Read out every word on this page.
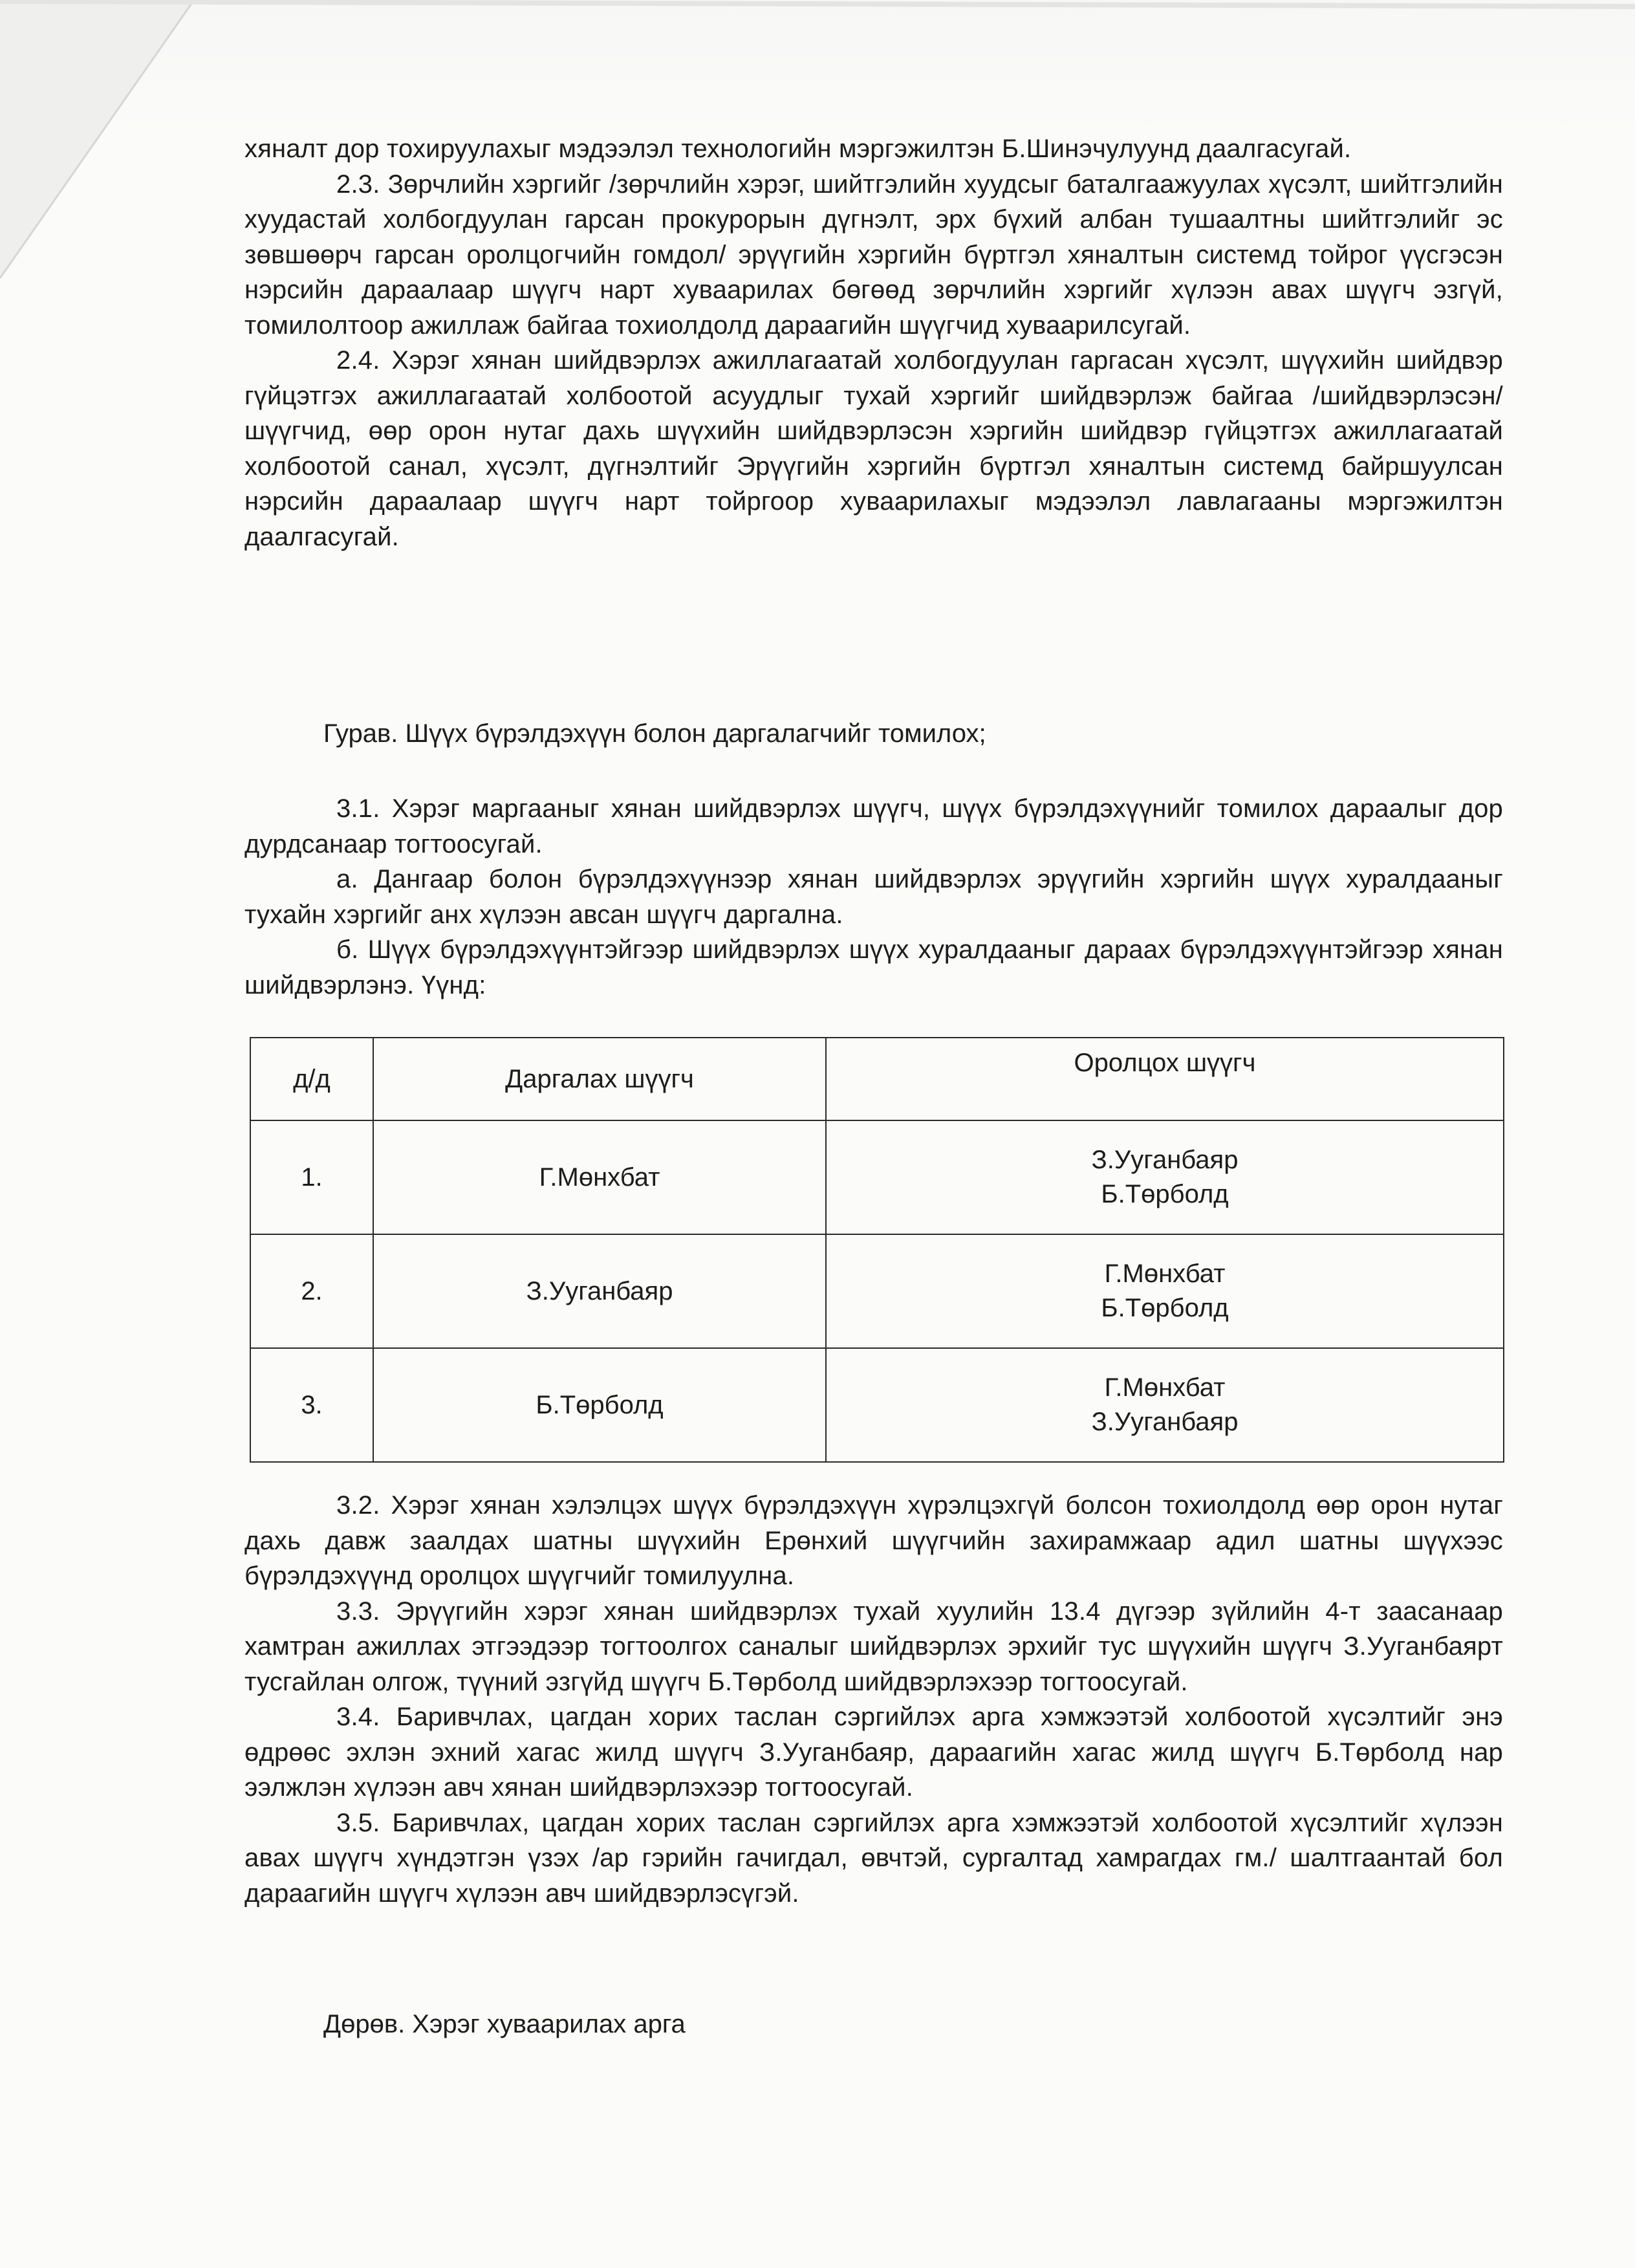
хяналт дор тохируулахыг мэдээлэл технологийн мэргэжилтэн Б.Шинэчулуунд даалгасугай.

2.3. Зөрчлийн хэргийг /зөрчлийн хэрэг, шийтгэлийн хуудсыг баталгаажуулах хүсэлт, шийтгэлийн хуудастай холбогдуулан гарсан прокурорын дүгнэлт, эрх бүхий албан тушаалтны шийтгэлийг эс зөвшөөрч гарсан оролцогчийн гомдол/ эрүүгийн хэргийн бүртгэл хяналтын системд тойрог үүсгэсэн нэрсийн дараалаар шүүгч нарт хуваарилах бөгөөд зөрчлийн хэргийг хүлээн авах шүүгч эзгүй, томилолтоор ажиллаж байгаа тохиолдолд дараагийн шүүгчид хуваарилсугай.

2.4. Хэрэг хянан шийдвэрлэх ажиллагаатай холбогдуулан гаргасан хүсэлт, шүүхийн шийдвэр гүйцэтгэх ажиллагаатай холбоотой асуудлыг тухай хэргийг шийдвэрлэж байгаа /шийдвэрлэсэн/ шүүгчид, өөр орон нутаг дахь шүүхийн шийдвэрлэсэн хэргийн шийдвэр гүйцэтгэх ажиллагаатай холбоотой санал, хүсэлт, дүгнэлтийг Эрүүгийн хэргийн бүртгэл хяналтын системд байршуулсан нэрсийн дараалаар шүүгч нарт тойргоор хуваарилахыг мэдээлэл лавлагааны мэргэжилтэн даалгасугай.

Гурав. Шүүх бүрэлдэхүүн болон даргалагчийг томилох;

3.1. Хэрэг маргааныг хянан шийдвэрлэх шүүгч, шүүх бүрэлдэхүүнийг томилох дараалыг дор дурдсанаар тогтоосугай.

а. Дангаар болон бүрэлдэхүүнээр хянан шийдвэрлэх эрүүгийн хэргийн шүүх хуралдааныг тухайн хэргийг анх хүлээн авсан шүүгч даргална.

б. Шүүх бүрэлдэхүүнтэйгээр шийдвэрлэх шүүх хуралдааныг дараах бүрэлдэхүүнтэйгээр хянан шийдвэрлэнэ. Үүнд:

д/д	Даргалах шүүгч	Оролцох шүүгч
1.	Г.Мөнхбат	З.Ууганбаяр
Б.Төрболд

2.	З.Ууганбаяр	Г.Мөнхбат
Б.Төрболд

3.	Б.Төрболд	Г.Мөнхбат
З.Ууганбаяр

3.2. Хэрэг хянан хэлэлцэх шүүх бүрэлдэхүүн хүрэлцэхгүй болсон тохиолдолд өөр орон нутаг дахь давж заалдах шатны шүүхийн Ерөнхий шүүгчийн захирамжаар адил шатны шүүхээс бүрэлдэхүүнд оролцох шүүгчийг томилуулна.

3.3. Эрүүгийн хэрэг хянан шийдвэрлэх тухай хуулийн 13.4 дүгээр зүйлийн 4-т заасанаар хамтран ажиллах этгээдээр тогтоолгох саналыг шийдвэрлэх эрхийг тус шүүхийн шүүгч З.Ууганбаярт тусгайлан олгож, түүний эзгүйд шүүгч Б.Төрболд шийдвэрлэхээр тогтоосугай.

3.4. Баривчлах, цагдан хорих таслан сэргийлэх арга хэмжээтэй холбоотой хүсэлтийг энэ өдрөөс эхлэн эхний хагас жилд шүүгч З.Ууганбаяр, дараагийн хагас жилд шүүгч Б.Төрболд нар ээлжлэн хүлээн авч хянан шийдвэрлэхээр тогтоосугай.

3.5. Баривчлах, цагдан хорих таслан сэргийлэх арга хэмжээтэй холбоотой хүсэлтийг хүлээн авах шүүгч хүндэтгэн үзэх /ар гэрийн гачигдал, өвчтэй, сургалтад хамрагдах гм./ шалтгаантай бол дараагийн шүүгч хүлээн авч шийдвэрлэсүгэй.

Дөрөв. Хэрэг хуваарилах арга
